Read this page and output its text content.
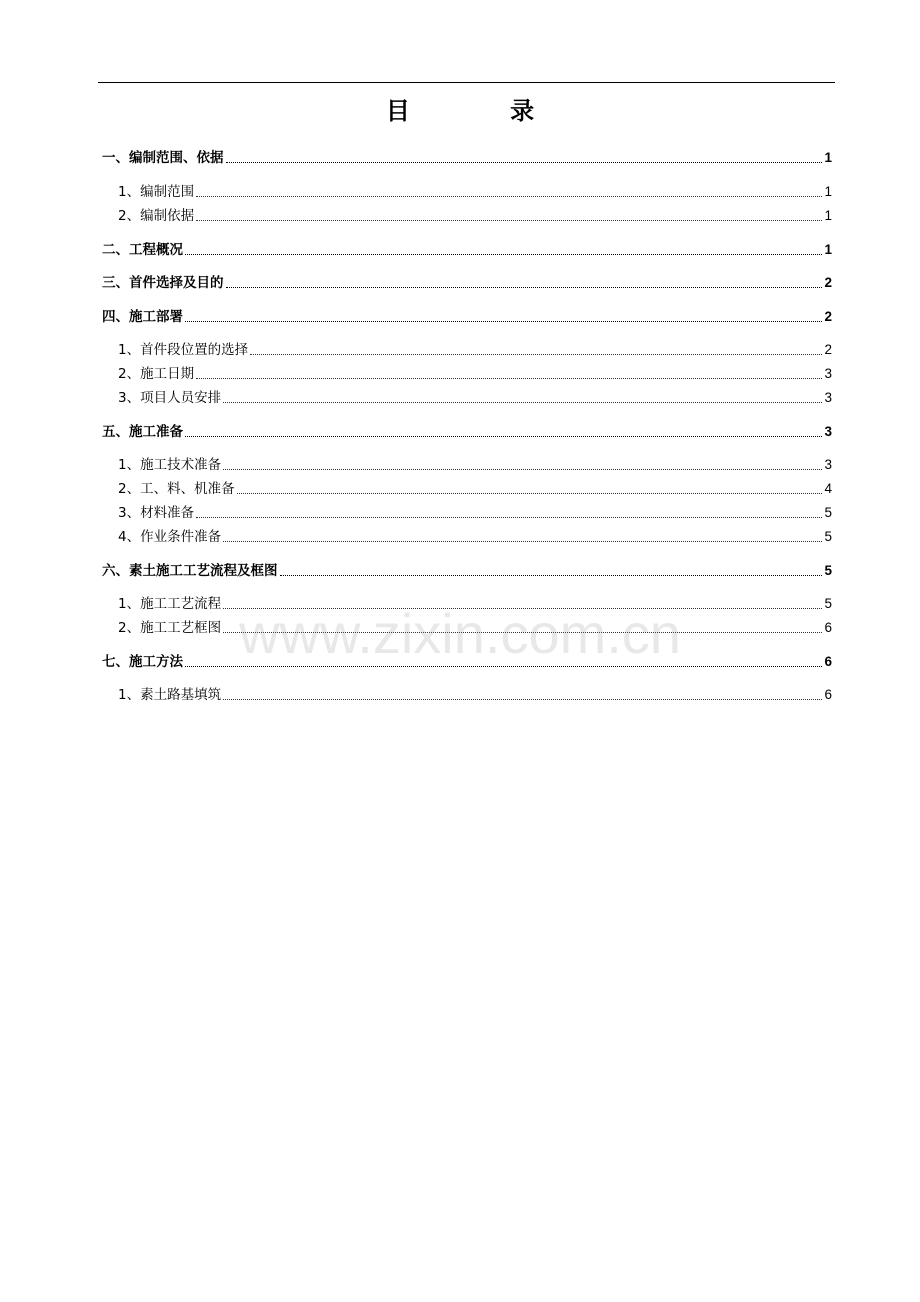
目 录
一、编制范围、依据	1
1、编制范围	1
2、编制依据	1
二、工程概况	1
三、首件选择及目的	2
四、施工部署	2
1、首件段位置的选择	2
2、施工日期	3
3、项目人员安排	3
五、施工准备	3
1、施工技术准备	3
2、工、料、机准备	4
3、材料准备	5
4、作业条件准备	5
六、素土施工工艺流程及框图	5
1、施工工艺流程	5
2、施工工艺框图	6
七、施工方法	6
1、素土路基填筑	6
www.zixin.com.cn
